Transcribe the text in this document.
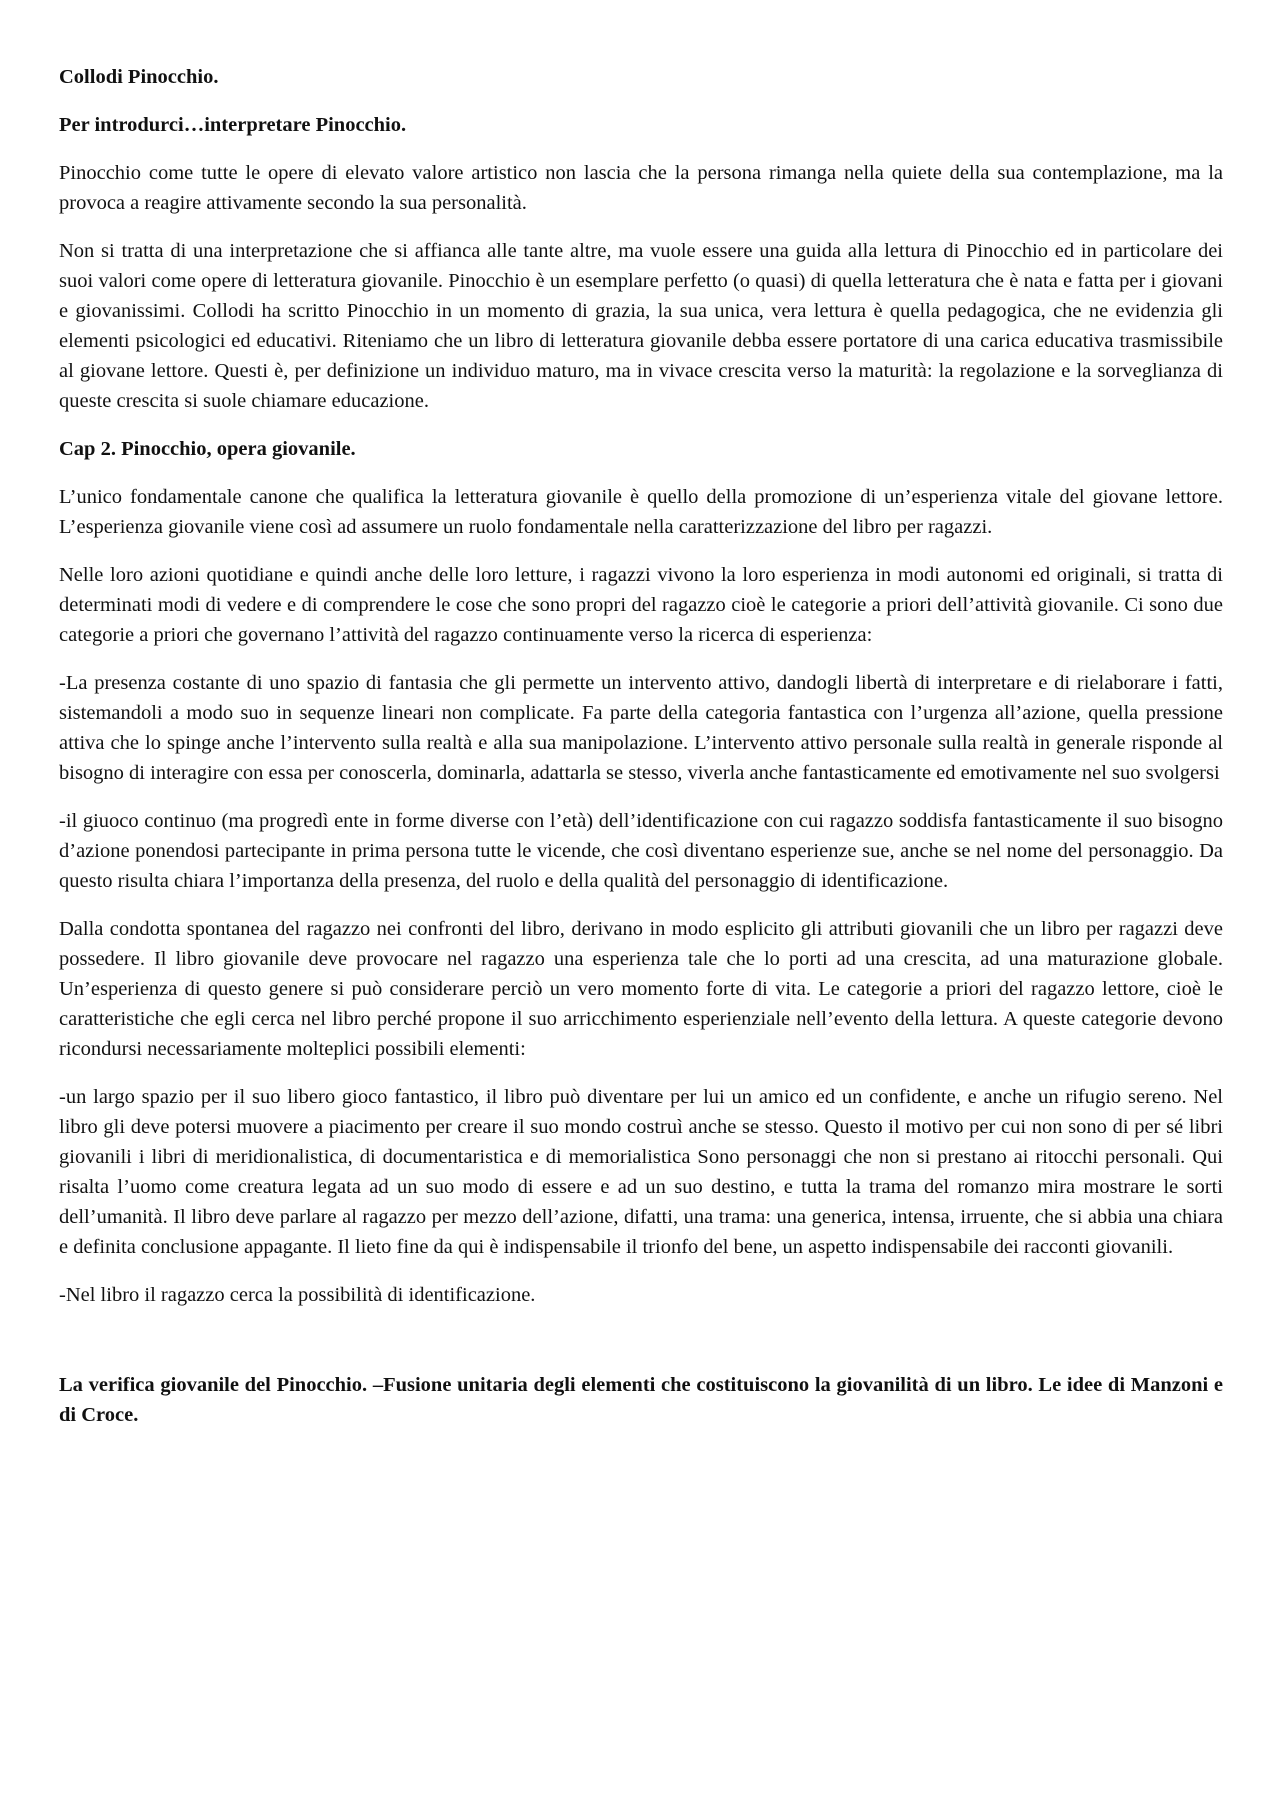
Collodi Pinocchio.

Per introdurci…interpretare Pinocchio.

Pinocchio come tutte le opere di elevato valore artistico non lascia che la persona rimanga nella quiete della sua contemplazione, ma la provoca a reagire attivamente secondo la sua personalità.

Non si tratta di una interpretazione che si affianca alle tante altre, ma vuole essere una guida alla lettura di Pinocchio ed in particolare dei suoi valori come opere di letteratura giovanile. Pinocchio è un esemplare perfetto (o quasi) di quella letteratura che è nata e fatta per i giovani e giovanissimi. Collodi ha scritto Pinocchio in un momento di grazia, la sua unica, vera lettura è quella pedagogica, che ne evidenzia gli elementi psicologici ed educativi. Riteniamo che un libro di letteratura giovanile debba essere portatore di una carica educativa trasmissibile al giovane lettore. Questi è, per definizione un individuo maturo, ma in vivace crescita verso la maturità: la regolazione e la sorveglianza di queste crescita si suole chiamare educazione.

Cap 2. Pinocchio, opera giovanile.

L’unico fondamentale canone che qualifica la letteratura giovanile è quello della promozione di un’esperienza vitale del giovane lettore. L’esperienza giovanile viene così ad assumere un ruolo fondamentale nella caratterizzazione del libro per ragazzi.

Nelle loro azioni quotidiane e quindi anche delle loro letture, i ragazzi vivono la loro esperienza in modi autonomi ed originali, si tratta di determinati modi di vedere e di comprendere le cose che sono propri del ragazzo cioè le categorie a priori dell’attività giovanile. Ci sono due categorie a priori che governano l’attività del ragazzo continuamente verso la ricerca di esperienza:

-La presenza costante di uno spazio di fantasia che gli permette un intervento attivo, dandogli libertà di interpretare e di rielaborare i fatti, sistemandoli a modo suo in sequenze lineari non complicate. Fa parte della categoria fantastica con l’urgenza all’azione, quella pressione attiva che lo spinge anche l’intervento sulla realtà e alla sua manipolazione. L’intervento attivo personale sulla realtà in generale risponde al bisogno di interagire con essa per conoscerla, dominarla, adattarla se stesso, viverla anche fantasticamente ed emotivamente nel suo svolgersi

-il giuoco continuo (ma progredì ente in forme diverse con l’età) dell’identificazione con cui ragazzo soddisfa fantasticamente il suo bisogno d’azione ponendosi partecipante in prima persona tutte le vicende, che così diventano esperienze sue, anche se nel nome del personaggio. Da questo risulta chiara l’importanza della presenza, del ruolo e della qualità del personaggio di identificazione.

Dalla condotta spontanea del ragazzo nei confronti del libro, derivano in modo esplicito gli attributi giovanili che un libro per ragazzi deve possedere. Il libro giovanile deve provocare nel ragazzo una esperienza tale che lo porti ad una crescita, ad una maturazione globale. Un’esperienza di questo genere si può considerare perciò un vero momento forte di vita. Le categorie a priori del ragazzo lettore, cioè le caratteristiche che egli cerca nel libro perché propone il suo arricchimento esperienziale nell’evento della lettura. A queste categorie devono ricondursi necessariamente molteplici possibili elementi:

-un largo spazio per il suo libero gioco fantastico, il libro può diventare per lui un amico ed un confidente, e anche un rifugio sereno. Nel libro gli deve potersi muovere a piacimento per creare il suo mondo costruì anche se stesso. Questo il motivo per cui non sono di per sé libri giovanili i libri di meridionalistica, di documentaristica e di memorialistica Sono personaggi che non si prestano ai ritocchi personali. Qui risalta l’uomo come creatura legata ad un suo modo di essere e ad un suo destino, e tutta la trama del romanzo mira mostrare le sorti dell’umanità. Il libro deve parlare al ragazzo per mezzo dell’azione, difatti, una trama: una generica, intensa, irruente, che si abbia una chiara e definita conclusione appagante. Il lieto fine da qui è indispensabile il trionfo del bene, un aspetto indispensabile dei racconti giovanili.

-Nel libro il ragazzo cerca la possibilità di identificazione.

La verifica giovanile del Pinocchio. –Fusione unitaria degli elementi che costituiscono la giovanilità di un libro. Le idee di Manzoni e di Croce.
